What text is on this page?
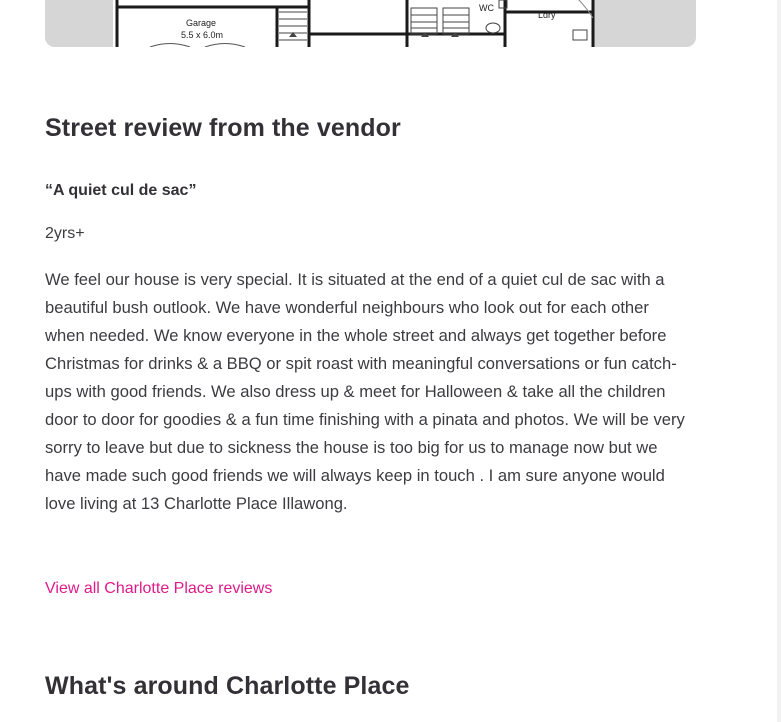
Garage
5.5 x 6.0m
WC
Ldry
Street review from the vendor

“A quiet cul de sac”

2yrs+

We feel our house is very special. It is situated at the end of a quiet cul de sac with a beautiful bush outlook. We have wonderful neighbours who look out for each other when needed. We know everyone in the whole street and always get together before Christmas for drinks & a BBQ or spit roast with meaningful conversations or fun catch-ups with good friends. We also dress up & meet for Halloween & take all the children door to door for goodies & a fun time finishing with a pinata and photos. We will be very sorry to leave but due to sickness the house is too big for us to manage now but we have made such good friends we will always keep in touch . I am sure anyone would love living at 13 Charlotte Place Illawong.

View all Charlotte Place reviews
What's around Charlotte Place
